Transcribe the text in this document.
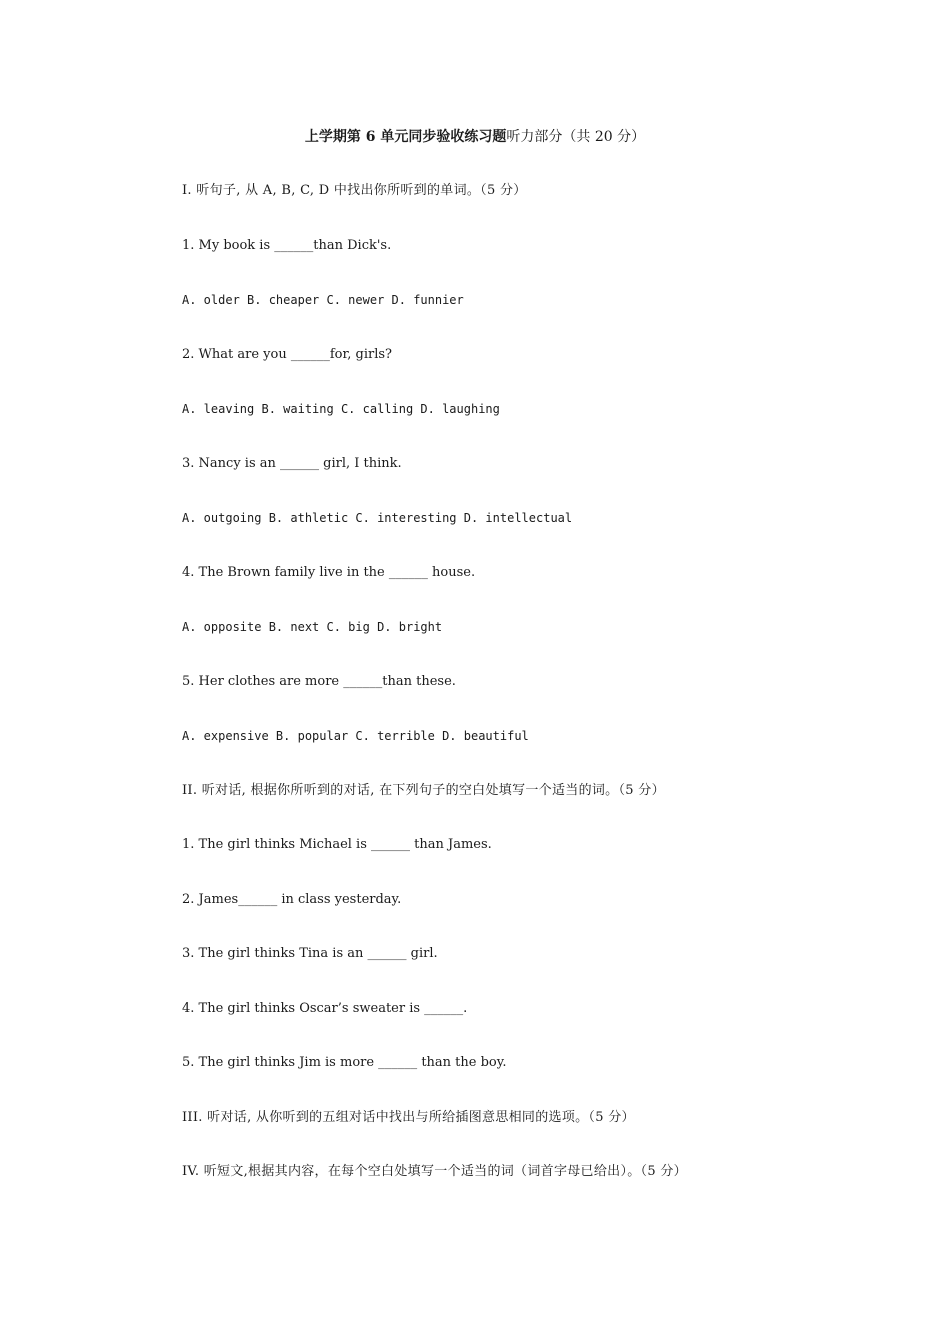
上学期第 6 单元同步验收练习题听力部分（共 20 分）
I. 听句子, 从 A, B, C, D 中找出你所听到的单词。（5 分）
1. My book is ______than Dick's.
A. older B. cheaper C. newer D. funnier
2. What are you ______for, girls?
A. leaving B. waiting C. calling D. laughing
3. Nancy is an ______ girl, I think.
A. outgoing B. athletic C. interesting D. intellectual
4. The Brown family live in the ______ house.
A. opposite B. next C. big D. bright
5. Her clothes are more ______than these.
A. expensive B. popular C. terrible D. beautiful
II. 听对话, 根据你所听到的对话, 在下列句子的空白处填写一个适当的词。（5 分）
1. The girl thinks Michael is ______ than James.
2. James______ in class yesterday.
3. The girl thinks Tina is an ______ girl.
4. The girl thinks Oscar’s sweater is ______.
5. The girl thinks Jim is more ______ than the boy.
III. 听对话, 从你听到的五组对话中找出与所给插图意思相同的选项。（5 分）
IV. 听短文,根据其内容，在每个空白处填写一个适当的词（词首字母已给出）。（5 分）
